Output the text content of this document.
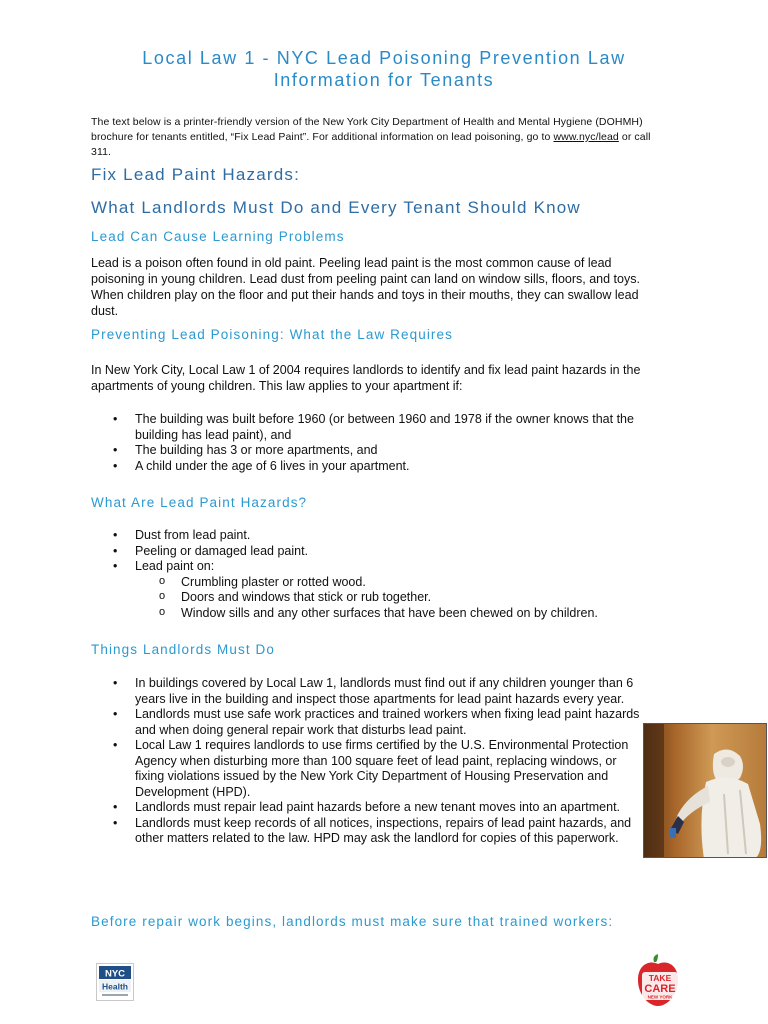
Local Law 1 - NYC Lead Poisoning Prevention Law
Information for Tenants
The text below is a printer-friendly version of the New York City Department of Health and Mental Hygiene (DOHMH) brochure for tenants entitled, “Fix Lead Paint”. For additional information on lead poisoning, go to www.nyc/lead or call 311.
Fix Lead Paint Hazards:
What Landlords Must Do and Every Tenant Should Know
Lead Can Cause Learning Problems
Lead is a poison often found in old paint. Peeling lead paint is the most common cause of lead poisoning in young children. Lead dust from peeling paint can land on window sills, floors, and toys. When children play on the floor and put their hands and toys in their mouths, they can swallow lead dust.
Preventing Lead Poisoning: What the Law Requires
In New York City, Local Law 1 of 2004 requires landlords to identify and fix lead paint hazards in the apartments of young children. This law applies to your apartment if:
• The building was built before 1960 (or between 1960 and 1978 if the owner knows that the building has lead paint), and
• The building has 3 or more apartments, and
• A child under the age of 6 lives in your apartment.
What Are Lead Paint Hazards?
• Dust from lead paint.
• Peeling or damaged lead paint.
• Lead paint on:
o Crumbling plaster or rotted wood.
o Doors and windows that stick or rub together.
o Window sills and any other surfaces that have been chewed on by children.
Things Landlords Must Do
• In buildings covered by Local Law 1, landlords must find out if any children younger than 6 years live in the building and inspect those apartments for lead paint hazards every year.
• Landlords must use safe work practices and trained workers when fixing lead paint hazards and when doing general repair work that disturbs lead paint.
• Local Law 1 requires landlords to use firms certified by the U.S. Environmental Protection Agency when disturbing more than 100 square feet of lead paint, replacing windows, or fixing violations issued by the New York City Department of Housing Preservation and Development (HPD).
• Landlords must repair lead paint hazards before a new tenant moves into an apartment.
• Landlords must keep records of all notices, inspections, repairs of lead paint hazards, and other matters related to the law. HPD may ask the landlord for copies of this paperwork.
Before repair work begins, landlords must make sure that trained workers:
NYC
Health
TAKE
CARE
NEW YORK
